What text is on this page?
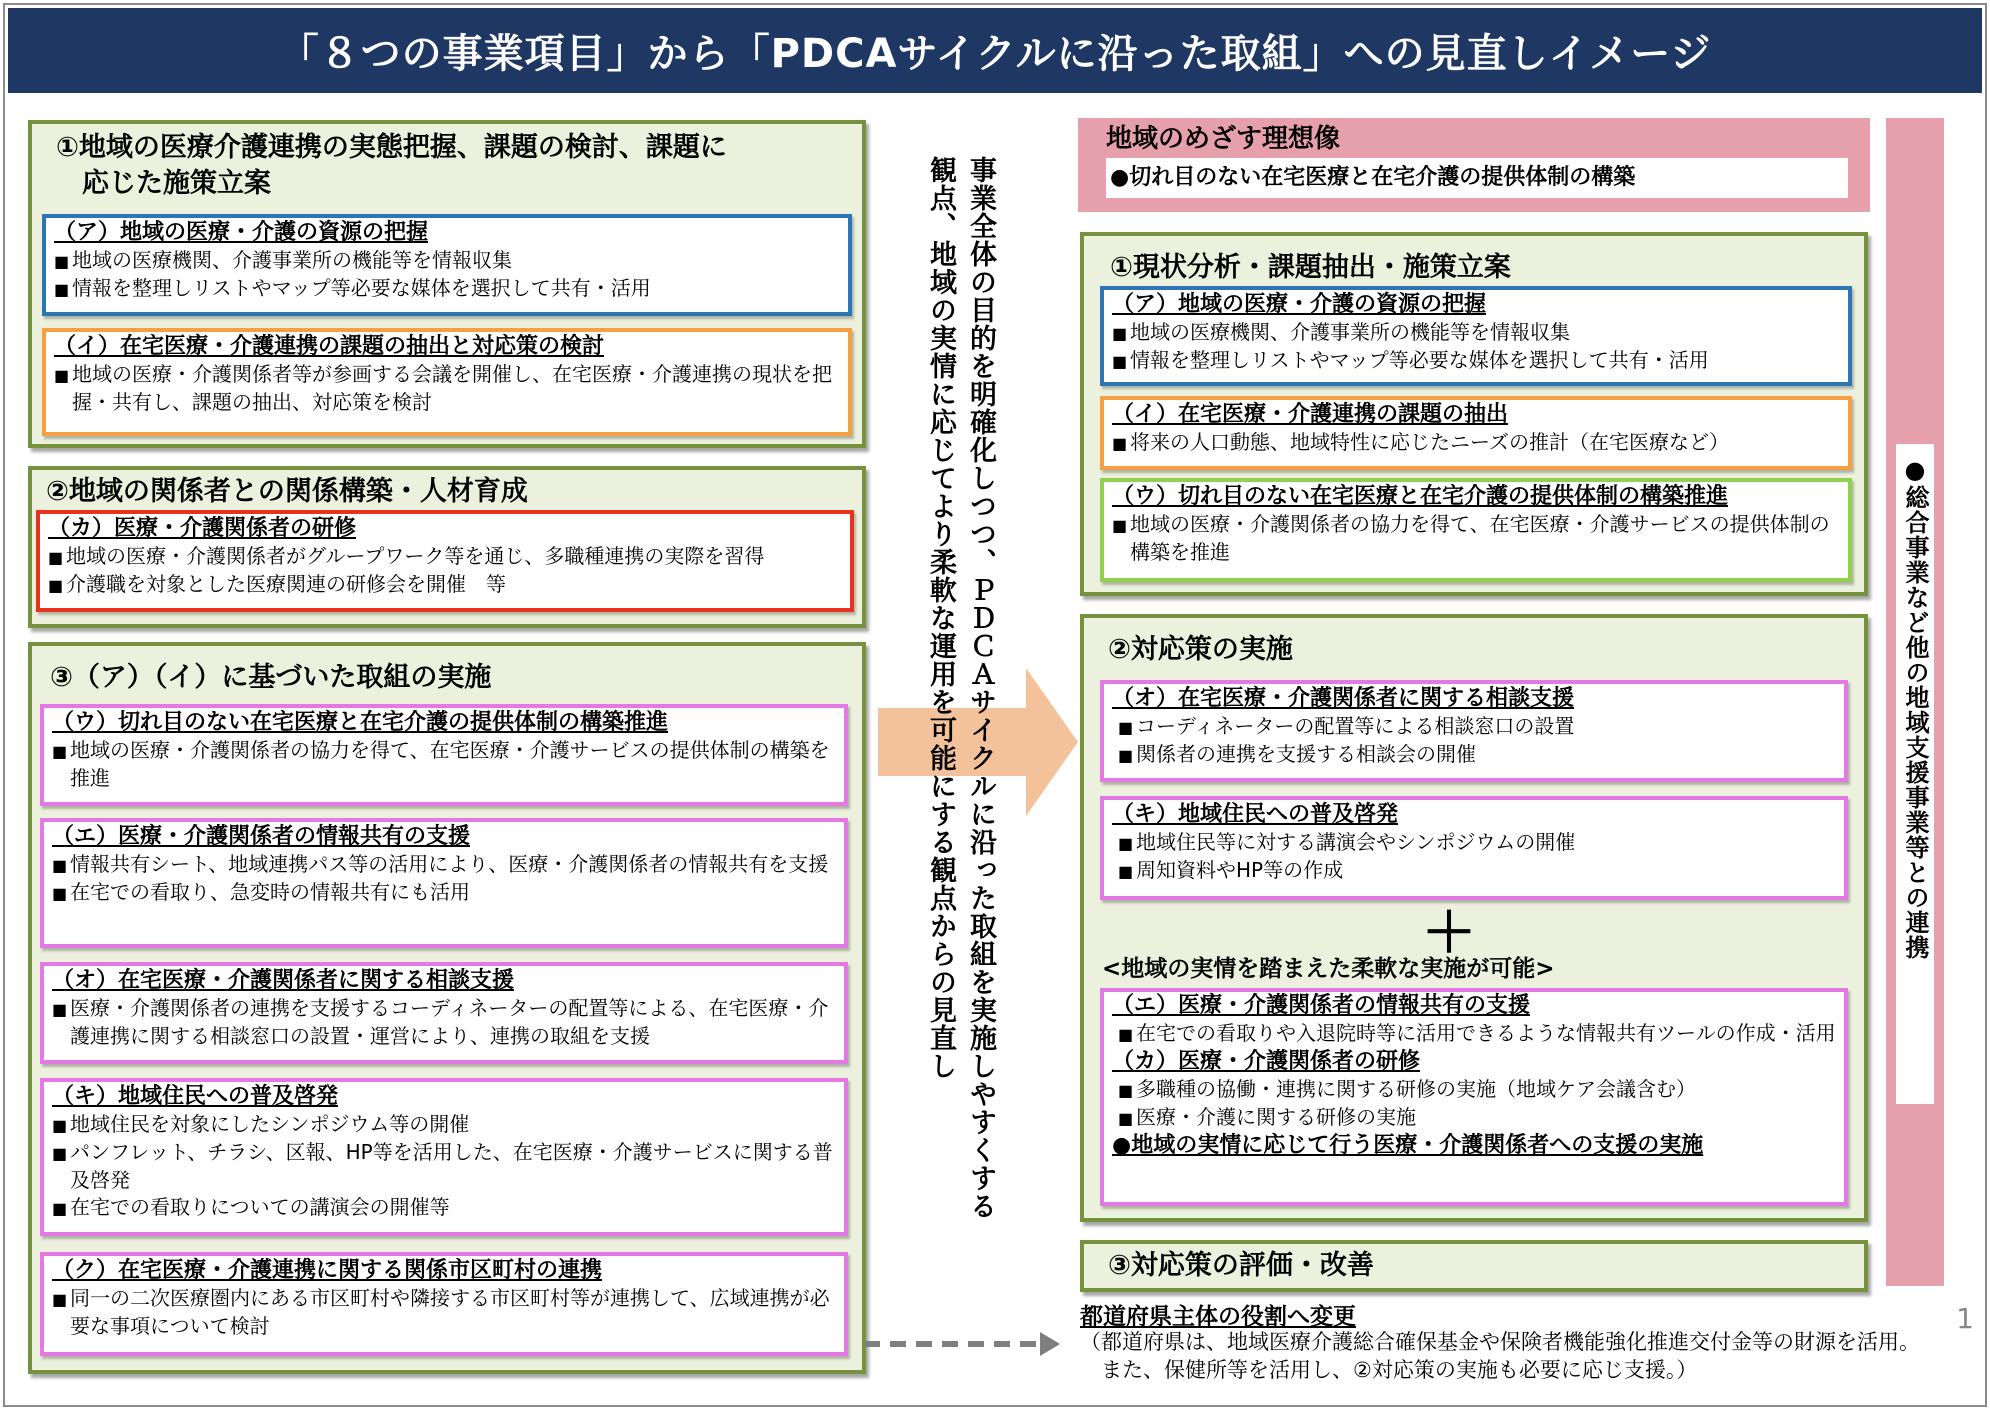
「８つの事業項目」から「PDCAサイクルに沿った取組」への見直しイメージ
①地域の医療介護連携の実態把握、課題の検討、課題に
応じた施策立案
（ア）地域の医療・介護の資源の把握
■ 地域の医療機関、介護事業所の機能等を情報収集
■ 情報を整理しリストやマップ等必要な媒体を選択して共有・活用
（イ）在宅医療・介護連携の課題の抽出と対応策の検討
■ 地域の医療・介護関係者等が参画する会議を開催し、在宅医療・介護連携の現状を把握・共有し、課題の抽出、対応策を検討
②地域の関係者との関係構築・人材育成
（カ）医療・介護関係者の研修
■ 地域の医療・介護関係者がグループワーク等を通じ、多職種連携の実際を習得
■ 介護職を対象とした医療関連の研修会を開催　等
③（ア）（イ）に基づいた取組の実施
（ウ）切れ目のない在宅医療と在宅介護の提供体制の構築推進
■ 地域の医療・介護関係者の協力を得て、在宅医療・介護サービスの提供体制の構築を推進
（エ）医療・介護関係者の情報共有の支援
■ 情報共有シート、地域連携パス等の活用により、医療・介護関係者の情報共有を支援
■ 在宅での看取り、急変時の情報共有にも活用
（オ）在宅医療・介護関係者に関する相談支援
■ 医療・介護関係者の連携を支援するコーディネーターの配置等による、在宅医療・介護連携に関する相談窓口の設置・運営により、連携の取組を支援
（キ）地域住民への普及啓発
■ 地域住民を対象にしたシンポジウム等の開催
■ パンフレット、チラシ、区報、HP等を活用した、在宅医療・介護サービスに関する普及啓発
■ 在宅での看取りについての講演会の開催等
（ク）在宅医療・介護連携に関する関係市区町村の連携
■ 同一の二次医療圏内にある市区町村や隣接する市区町村等が連携して、広域連携が必要な事項について検討
事業全体の目的を明確化しつつ、ＰＤＣＡサイクルに沿った取組を実施しやすくする
観点、地域の実情に応じてより柔軟な運用を可能にする観点からの見直し
地域のめざす理想像
●切れ目のない在宅医療と在宅介護の提供体制の構築
●総合事業など他の地域支援事業等との連携
①現状分析・課題抽出・施策立案
（ア）地域の医療・介護の資源の把握
■ 地域の医療機関、介護事業所の機能等を情報収集
■ 情報を整理しリストやマップ等必要な媒体を選択して共有・活用
（イ）在宅医療・介護連携の課題の抽出
■ 将来の人口動態、地域特性に応じたニーズの推計（在宅医療など）
（ウ）切れ目のない在宅医療と在宅介護の提供体制の構築推進
■ 地域の医療・介護関係者の協力を得て、在宅医療・介護サービスの提供体制の構築を推進
②対応策の実施
（オ）在宅医療・介護関係者に関する相談支援
■ コーディネーターの配置等による相談窓口の設置
■ 関係者の連携を支援する相談会の開催
（キ）地域住民への普及啓発
■ 地域住民等に対する講演会やシンポジウムの開催
■ 周知資料やHP等の作成
＋
<地域の実情を踏まえた柔軟な実施が可能>
（エ）医療・介護関係者の情報共有の支援
■ 在宅での看取りや入退院時等に活用できるような情報共有ツールの作成・活用
（カ）医療・介護関係者の研修
■ 多職種の協働・連携に関する研修の実施（地域ケア会議含む）
■ 医療・介護に関する研修の実施
● 地域の実情に応じて行う医療・介護関係者への支援の実施
③対応策の評価・改善
都道府県主体の役割へ変更
（都道府県は、地域医療介護総合確保基金や保険者機能強化推進交付金等の財源を活用。
　また、保健所等を活用し、②対応策の実施も必要に応じ支援。）
1
